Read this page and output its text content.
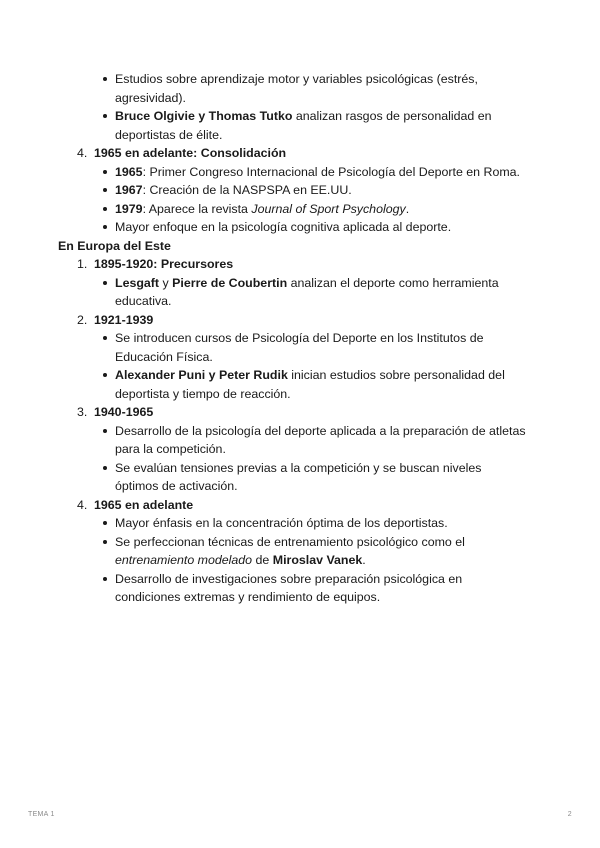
Estudios sobre aprendizaje motor y variables psicológicas (estrés, agresividad).

Bruce Olgivie y Thomas Tutko analizan rasgos de personalidad en deportistas de élite.

4. 1965 en adelante: Consolidación

1965: Primer Congreso Internacional de Psicología del Deporte en Roma.

1967: Creación de la NASPSPA en EE.UU.

1979: Aparece la revista Journal of Sport Psychology.

Mayor enfoque en la psicología cognitiva aplicada al deporte.

En Europa del Este

1. 1895-1920: Precursores

Lesgaft y Pierre de Coubertin analizan el deporte como herramienta educativa.

2. 1921-1939

Se introducen cursos de Psicología del Deporte en los Institutos de Educación Física.

Alexander Puni y Peter Rudik inician estudios sobre personalidad del deportista y tiempo de reacción.

3. 1940-1965

Desarrollo de la psicología del deporte aplicada a la preparación de atletas para la competición.

Se evalúan tensiones previas a la competición y se buscan niveles óptimos de activación.

4. 1965 en adelante

Mayor énfasis en la concentración óptima de los deportistas.

Se perfeccionan técnicas de entrenamiento psicológico como el entrenamiento modelado de Miroslav Vanek.

Desarrollo de investigaciones sobre preparación psicológica en condiciones extremas y rendimiento de equipos.

TEMA 1	2
